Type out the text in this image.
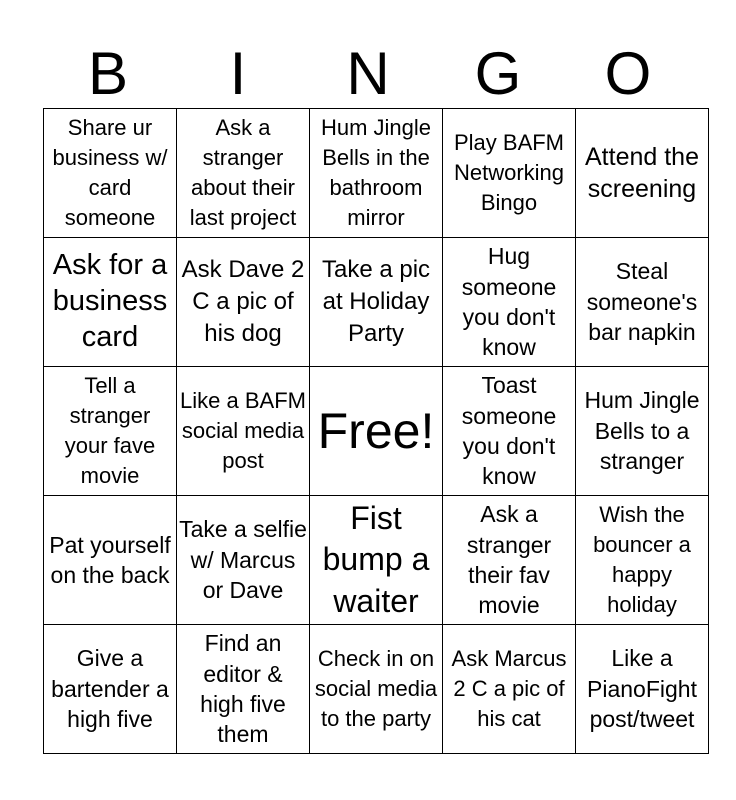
B	I	N	G	O
Share ur business w/ card someone	Ask a stranger about their last project	Hum Jingle Bells in the bathroom mirror	Play BAFM Networking Bingo	Attend the screening
Ask for a business card	Ask Dave 2 C a pic of his dog	Take a pic at Holiday Party	Hug someone you don't know	Steal someone's bar napkin
Tell a stranger your fave movie	Like a BAFM social media post	Free!	Toast someone you don't know	Hum Jingle Bells to a stranger
Pat yourself on the back	Take a selfie w/ Marcus or Dave	Fist bump a waiter	Ask a stranger their fav movie	Wish the bouncer a happy holiday
Give a bartender a high five	Find an editor & high five them	Check in on social media to the party	Ask Marcus 2 C a pic of his cat	Like a PianoFight post/tweet
